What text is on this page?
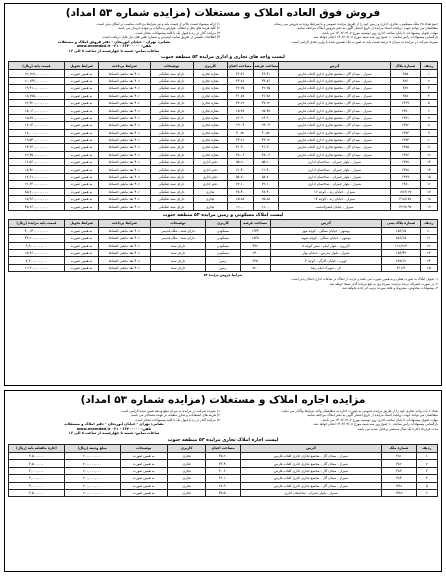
فروش فوق العاده املاک و مستغلات (مزایده شماره ۵۳ امداد)
جمع تعداد ۲۵ ملک مسکونی، تجاری، اداری و زمین خود را از طریق مزایده عمومی و با شرایط ویژه به فروش می رساند.
متقاضیان می توانند جهت دریافت اسناد مزایده از تاریخ انتشار آگهی به دفتر فروش املاک مراجعه نمایند.
مهلت تحویل پیشنهادات تا پایان ساعت اداری روز دوشنبه مورخ ۱۴۰۳/۰۳/۰۷ می باشد.
بازگشایی پیشنهادات رأس ساعت ۱۰ صبح روز سه شنبه مورخ ۱۴۰۳/۰۳/۰۸ انجام خواهد شد.
سپرده شرکت در مزایده به میزان ۵ درصد قیمت پایه به صورت چک تضمین شده یا واریز نقدی الزامی است.
۱) ارائه پیشنهاد قیمت بالاتر از قیمت پایه و نیز شرایط پرداخت مناسب تر امکان پذیر است.
۲) کلیه هزینه های نقل و انتقال، عوارض و مالیات بر عهده خریدار می باشد.
۳) مزایده گذار در رد یا قبول یک یا کلیه پیشنهادات مختار است.
۴) اطلاعات تکمیلی از طریق سایت اینترنتی و شماره تلفن های ذیل قابل دریافت است.
نشانی: تهران - خیابان ابوریحان - دفتر فروش املاک و مستغلات
تلفن: ۶۶۴۰۰۰۰۰ - ۰۲۱ www.ecemdad.ir
ساعات تماس: شنبه تا چهارشنبه از ساعت ۸ الی ۱۶
لیست واحد های تجاری و اداری مزایده ۵۳ منطقه جنوب
ردیف	شماره پلاک	آدرس	مساحت عرصه	مساحت اعیان	کاربری	توضیحات	شرایط پرداخت	شرایط تحویل	قیمت پایه (ریال)
۱	۳۸۵	شیراز - میدان گاز - مجتمع تجاری اداری آفتاب فارس	۳۶.۴۱	۳۶.۴۱	مغازه تجاری	دارای سند تفکیکی	۴۰٪ نقد مابقی اقساط	به همین صورت	۲۲,۶۲۷,۰۰۰,۰۰۰
۲	۳۸۶	شیراز - میدان گاز - مجتمع تجاری اداری آفتاب فارس	۳۳.۸۶	۳۳.۸۶	مغازه تجاری	دارای سند تفکیکی	۴۰٪ نقد مابقی اقساط	به همین صورت	۲۰,۱۴۳,۰۰۰,۰۰۰
۳	۳۸۷	شیراز - میدان گاز - مجتمع تجاری اداری آفتاب فارس	۳۲.۲۵	۳۲.۲۵	مغازه تجاری	دارای سند تفکیکی	۴۰٪ نقد مابقی اقساط	به همین صورت	۱۹,۴۱۰,۰۰۰,۰۰۰
۴	۳۸۸	شیراز - میدان گاز - مجتمع تجاری اداری آفتاب فارس	۳۱.۷۸	۳۱.۷۸	مغازه تجاری	دارای سند تفکیکی	۴۰٪ نقد مابقی اقساط	به همین صورت	۱۸,۷۷۵,۰۰۰,۰۰۰
۵	۱۴۶۹	شیراز - میدان گاز - مجتمع تجاری اداری آفتاب فارس	۴۷.۲۲	۴۷.۲۲	مغازه تجاری	دارای سند تفکیکی	۴۰٪ نقد مابقی اقساط	به همین صورت	۲۶,۴۲۰,۰۰۰,۰۰۰
۶	۱۴۷۰	شیراز - میدان گاز - مجتمع تجاری اداری آفتاب فارس	۲۵.۴۸	۲۵.۴۸	مغازه تجاری	دارای سند تفکیکی	۴۰٪ نقد مابقی اقساط	به همین صورت	۱۵,۰۳۰,۰۰۰,۰۰۰
۷	۱۴۷۱	شیراز - میدان گاز - مجتمع تجاری اداری آفتاب فارس	۲۶.۹۰	۲۶.۹۰	مغازه تجاری	دارای سند تفکیکی	۴۰٪ نقد مابقی اقساط	به همین صورت	۱۵,۸۷۰,۰۰۰,۰۰۰
۸	۱۴۷۲	شیراز - میدان گاز - مجتمع تجاری اداری آفتاب فارس	۲۹.۰۴	۲۹.۰۴	مغازه تجاری	دارای سند تفکیکی	۴۰٪ نقد مابقی اقساط	به همین صورت	۱۷,۱۳۰,۰۰۰,۰۰۰
۹	۱۴۷۳	شیراز - میدان گاز - مجتمع تجاری اداری آفتاب فارس	۳۰.۵۲	۳۰.۵۲	مغازه تجاری	دارای سند تفکیکی	۴۰٪ نقد مابقی اقساط	به همین صورت	۱۸,۰۰۰,۰۰۰,۰۰۰
۱۰	۱۴۷۴	شیراز - میدان گاز - مجتمع تجاری اداری آفتاب فارس	۳۳.۱۲	۳۳.۱۲	مغازه تجاری	دارای سند تفکیکی	۴۰٪ نقد مابقی اقساط	به همین صورت	۱۹,۵۴۰,۰۰۰,۰۰۰
۱۱	۱۴۷۵	شیراز - میدان گاز - مجتمع تجاری اداری آفتاب فارس	۴۱.۳۰	۴۱.۳۰	مغازه تجاری	دارای سند تفکیکی	۴۰٪ نقد مابقی اقساط	به همین صورت	۲۴,۳۶۰,۰۰۰,۰۰۰
۱۲	۱۴۷۶	شیراز - میدان گاز - مجتمع تجاری اداری آفتاب فارس	۳۸.۰۶	۳۸.۰۶	مغازه تجاری	دارای سند تفکیکی	۴۰٪ نقد مابقی اقساط	به همین صورت	۲۲,۴۵۰,۰۰۰,۰۰۰
۱۳	۱۴۷۷	شیراز - بلوار چمران - ساختمان اداری	۵۵.۲۰	۵۵.۲۰	دفتر اداری	دارای سند تفکیکی	۴۰٪ نقد مابقی اقساط	به همین صورت	۱۶,۵۶۰,۰۰۰,۰۰۰
۱۴	۱۴۷۸	شیراز - بلوار چمران - ساختمان اداری	۶۱.۴۰	۶۱.۴۰	دفتر اداری	دارای سند تفکیکی	۴۰٪ نقد مابقی اقساط	به همین صورت	۱۸,۴۲۰,۰۰۰,۰۰۰
۱۵	۱۴۷۹	شیراز - بلوار چمران - ساختمان اداری	۵۸.۷۰	۵۸.۷۰	دفتر اداری	دارای سند تفکیکی	۴۰٪ نقد مابقی اقساط	به همین صورت	۱۷,۶۱۰,۰۰۰,۰۰۰
۱۶	۱۴۸۰	شیراز - بلوار چمران - ساختمان اداری	۷۲.۱۰	۷۲.۱۰	دفتر اداری	دارای سند تفکیکی	۴۰٪ نقد مابقی اقساط	به همین صورت	۲۱,۶۳۰,۰۰۰,۰۰۰
۱۷	۱۷۶/۱۲۷	شیراز - خیابان زند - کوچه ۱۲	۳۸.۴۰	۳۸.۴۰	تجاری	دارای سند تفکیکی	۴۰٪ نقد مابقی اقساط	به همین صورت	۸۵,۷۰۰,۰۰۰,۰۰۰
۱۸	۳۱۸/۱۵۲	شیراز - خیابان زند - کوچه ۱۴	۲۵.۸۸	۲۵.۸۸	تجاری	دارای سند تفکیکی	۴۰٪ نقد مابقی اقساط	به همین صورت	۱۵,۹۶۰,۰۰۰,۰۰۰
۱۹	۳۲۹/۱۹۷	شیراز - خیابان قصرالدشت	۱۲.۰۰	۱۲.۰۰	تجاری	دارای سند تفکیکی	۴۰٪ نقد مابقی اقساط	به همین صورت	۴۵,۶۶۰,۰۰۰,۰۰۰
لیست املاک مسکونی و زمین مزایده ۵۳ منطقه جنوب
ردیف	شماره پلاک ثبتی	آدرس	مساحت عرصه	کاربری	توضیحات	شرایط پرداخت	شرایط تحویل	قیمت پایه مزایده (ریال)
۲۰	۲۵۶/۱۵	بوشهر - خیابان سنگی - کوچه مهر	۱۶۴۳	مسکونی	دارای سند - ملک قدیمی	۴۰٪ نقد مابقی اقساط	به همین صورت	۴۰,۱۴۰,۰۰۰,۰۰۰
۲۱	۸۸۶/۱۵	بوشهر - خیابان سنگی - کوچه شهید	۱۸۳۵	مسکونی	دارای سند - ملک قدیمی	۴۰٪ نقد مابقی اقساط	به همین صورت	۴۳,۲۰۰,۰۰۰,۰۰۰
۲۲	۱۱۲/۱۲۴	کازرون - بلوار امام - نبش کوچه ۸	۴۹۶	مسکونی	دارای سند	۴۰٪ نقد مابقی اقساط	به همین صورت	۹,۹۰۰,۰۰۰,۰۰۰
۲۳	۱۵۶/۴۳	شیراز - بلوار مدرس - خیابان بهار	۲۴۰	مسکونی	دارای سند	۴۰٪ نقد مابقی اقساط	به همین صورت	۱۵,۴۶۰,۰۰۰,۰۰۰
۲۴	۲۷۸/۱۲	جهرم - خیابان کارگر - کوچه ۳	۳۶۵	زمین	دارای سند	۴۰٪ نقد مابقی اقساط	به همین صورت	۷,۳۰۰,۰۰۰,۰۰۰
۲۵	۴۱۱/۹	لار - شهرک امام رضا	۸۲۰	زمین	دارای سند	۴۰٪ نقد مابقی اقساط	به همین صورت	۱۲,۳۰۰,۰۰۰,۰۰۰
شرایط فروش مزایده ۵۳
۱- تحویل املاک به صورت فعلی و به همین صورت می باشد و بازدید از املاک در ساعات اداری امکان پذیر است.
۲- در صورت انصراف برنده مزایده، سپرده وی به نفع مزایده گذار ضبط خواهد شد.
۳- پیشنهادات مخدوش، مشروط و فاقد سپرده ترتیب اثر داده نخواهد شد.
مزایده اجاره املاک و مستغلات (مزایده شماره ۵۳ امداد)
تعداد ۶ باب واحد تجاری خود را از طریق مزایده عمومی به صورت اجاره به متقاضیان واجد شرایط واگذار می نماید.
متقاضیان می توانند جهت دریافت اسناد مزایده از تاریخ انتشار آگهی به دفتر املاک مراجعه نمایند.
مهلت تحویل پیشنهادات تا پایان ساعت اداری روز دوشنبه مورخ ۱۴۰۳/۰۳/۰۷ می باشد.
بازگشایی پیشنهادات رأس ساعت ۱۰ صبح روز سه شنبه مورخ ۱۴۰۳/۰۳/۰۸ انجام خواهد شد.
مدت قرارداد اجاره یک سال شمسی و قابل تمدید می باشد.
۱) سپرده شرکت در مزایده به میزان مبلغ ودیعه تعیین شده الزامی است.
۲) هزینه های انشعابات و شارژ ماهیانه بر عهده مستاجر می باشد.
۳) مزایده گذار در رد یا قبول یک یا کلیه پیشنهادات مختار است.
نشانی: تهران - خیابان ابوریحان - دفتر املاک و مستغلات
تلفن: ۶۶۴۰۰۰۰۰ - ۰۲۱ www.ecemdad.ir
ساعات تماس: شنبه تا چهارشنبه از ساعت ۸ الی ۱۶
لیست اجاره املاک تجاری مزایده ۵۳ منطقه جنوب
ردیف	شماره ملک	آدرس	مساحت اعیان	کاربری	توضیحات	مبلغ ودیعه (ریال)	اجاره ماهیانه پایه (ریال)
۱	۳۸۱	شیراز - میدان گاز - مجتمع تجاری اداری آفتاب فارس	۳۵.۲۰	تجاری	به همین صورت	۲۰۰,۰۰۰,۰۰۰	۳,۵۰۰,۰۰۰
۲	۳۸۲	شیراز - میدان گاز - مجتمع تجاری اداری آفتاب فارس	۳۳.۴۰	تجاری	به همین صورت	۲۰۰,۰۰۰,۰۰۰	۳,۵۰۰,۰۰۰
۳	۳۸۳	شیراز - میدان گاز - مجتمع تجاری اداری آفتاب فارس	۳۰.۶۰	تجاری	به همین صورت	۲۰۰,۰۰۰,۰۰۰	۳,۰۰۰,۰۰۰
۴	۳۸۴	شیراز - میدان گاز - مجتمع تجاری اداری آفتاب فارس	۳۲.۱۰	تجاری	به همین صورت	۲۰۰,۰۰۰,۰۰۰	۳,۰۰۰,۰۰۰
۵	۱۴۸۱	شیراز - میدان گاز - مجتمع تجاری اداری آفتاب فارس	۲۸.۹۰	تجاری	به همین صورت	۲۰۰,۰۰۰,۰۰۰	۳,۰۰۰,۰۰۰
۶	۱۴۸۲	شیراز - بلوار چمران - ساختمان اداری	۴۵.۵۰	تجاری	به همین صورت	۲۰۰,۰۰۰,۰۰۰	۳,۵۰۰,۰۰۰
